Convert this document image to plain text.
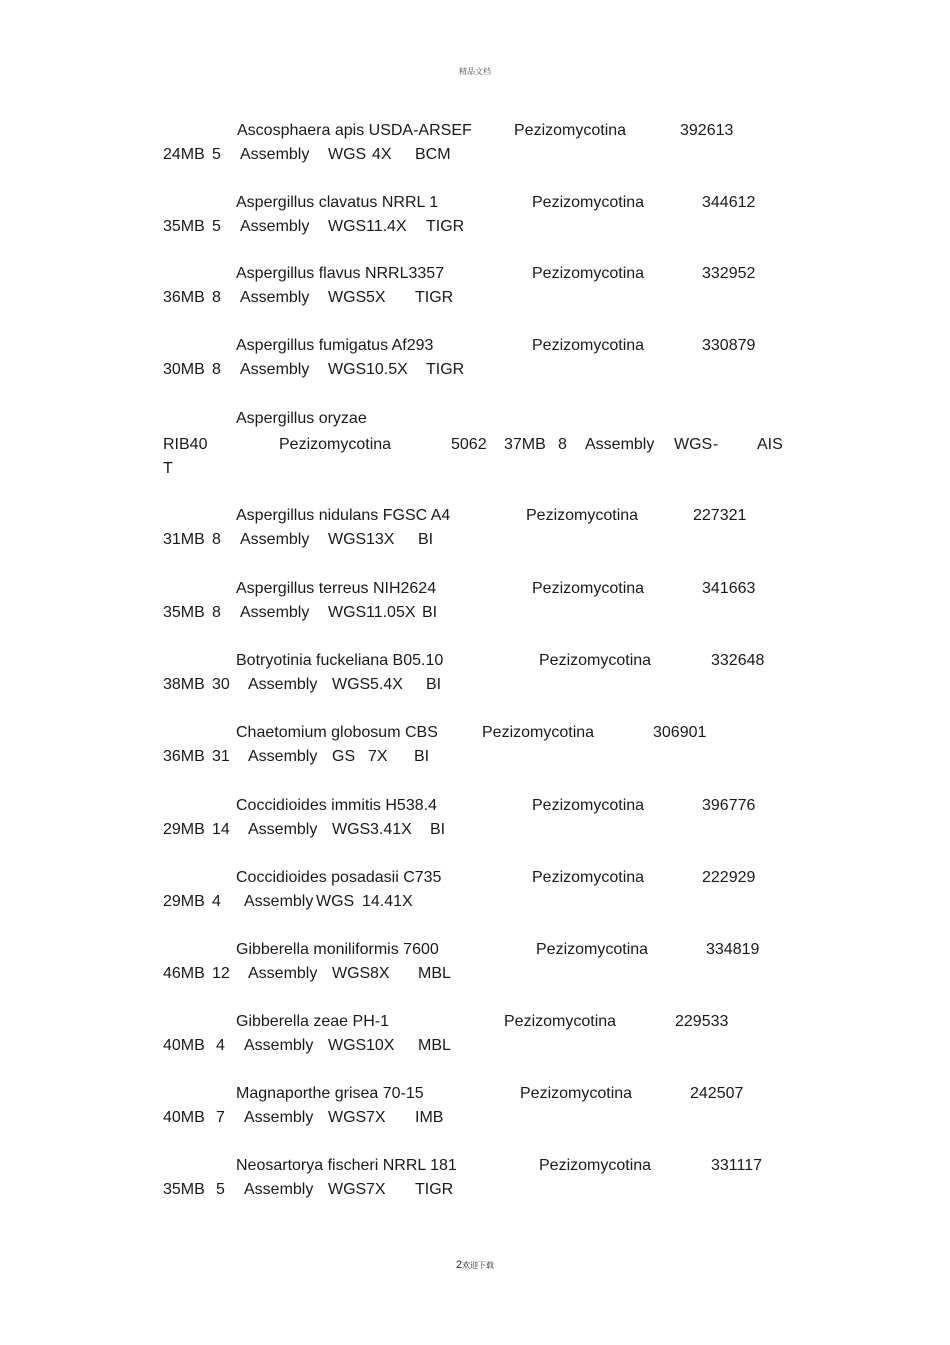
精品文档
Ascosphaera apis USDA-ARSEF	Pezizomycotina	392613
24MB 5 Assembly WGS 4X BCM
Aspergillus clavatus NRRL 1	Pezizomycotina	344612
35MB 5 Assembly WGS 11.4X TIGR
Aspergillus flavus NRRL3357	Pezizomycotina	332952
36MB 8 Assembly WGS 5X TIGR
Aspergillus fumigatus Af293	Pezizomycotina	330879
30MB 8 Assembly WGS 10.5X TIGR
Aspergillus oryzae
RIB40	Pezizomycotina	5062 37MB 8 Assembly WGS - AIS
T
Aspergillus nidulans FGSC A4	Pezizomycotina	227321
31MB 8 Assembly WGS 13X BI
Aspergillus terreus NIH2624	Pezizomycotina	341663
35MB 8 Assembly WGS 11.05X BI
Botryotinia fuckeliana B05.10	Pezizomycotina	332648
38MB 30 Assembly WGS 5.4X BI
Chaetomium globosum CBS	Pezizomycotina	306901
36MB 31 Assembly GS 7X BI
Coccidioides immitis H538.4	Pezizomycotina	396776
29MB 14 Assembly WGS 3.41X BI
Coccidioides posadasii C735	Pezizomycotina	222929
29MB 4 Assembly WGS 14.41X
Gibberella moniliformis 7600	Pezizomycotina	334819
46MB 12 Assembly WGS 8X MBL
Gibberella zeae PH-1	Pezizomycotina	229533
40MB 4 Assembly WGS 10X MBL
Magnaporthe grisea 70-15	Pezizomycotina	242507
40MB 7 Assembly WGS 7X IMB
Neosartorya fischeri NRRL 181	Pezizomycotina	331117
35MB 5 Assembly WGS 7X TIGR
2欢迎下载
